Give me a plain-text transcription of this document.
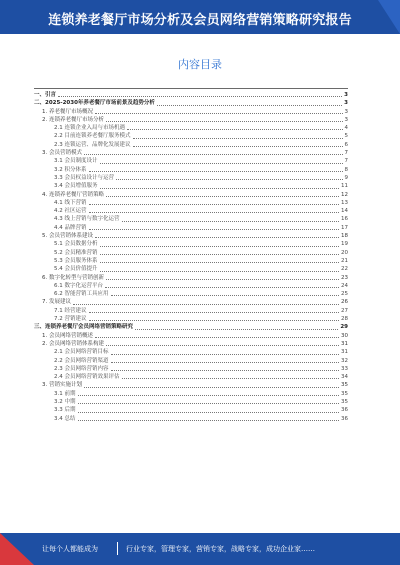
连锁养老餐厅市场分析及会员网络营销策略研究报告
内容目录
一、引言	3
二、2025-2030年养老餐厅市场前景及趋势分析	3
1. 养老餐厅市场概况	3
2. 连锁养老餐厅市场分析	3
2.1 连锁企业入局与市场机遇	4
2.2 目前连锁养老餐厅服务模式	5
2.3 连锁运营、品牌化发展建议	6
3. 会员营销模式	7
3.1 会员制度设计	7
3.2 积分体系	8
3.3 会员权益设计与运营	9
3.4 会员增值服务	11
4. 连锁养老餐厅营销策略	12
4.1 线下营销	13
4.2 社区运营	14
4.3 线上营销与数字化运营	16
4.4 品牌营销	17
5. 会员营销体系建设	18
5.1 会员数据分析	19
5.2 会员精准营销	20
5.3 会员服务体系	21
5.4 会员价值提升	22
6. 数字化转型与营销创新	23
6.1 数字化运营平台	24
6.2 智能营销工具应用	25
7. 发展建议	26
7.1 经营建议	27
7.2 营销建议	28
三、连锁养老餐厅会员网络营销策略研究	29
1. 会员网络营销概述	30
2. 会员网络营销体系构建	31
2.1 会员网络营销目标	31
2.2 会员网络营销渠道	32
2.3 会员网络营销内容	33
2.4 会员网络营销效果评估	34
3. 营销实施计划	35
3.1 前期	35
3.2 中期	35
3.3 后期	36
3.4 总结	36
让每个人都能成为	行业专家，管理专家，营销专家，战略专家，成功企业家……
